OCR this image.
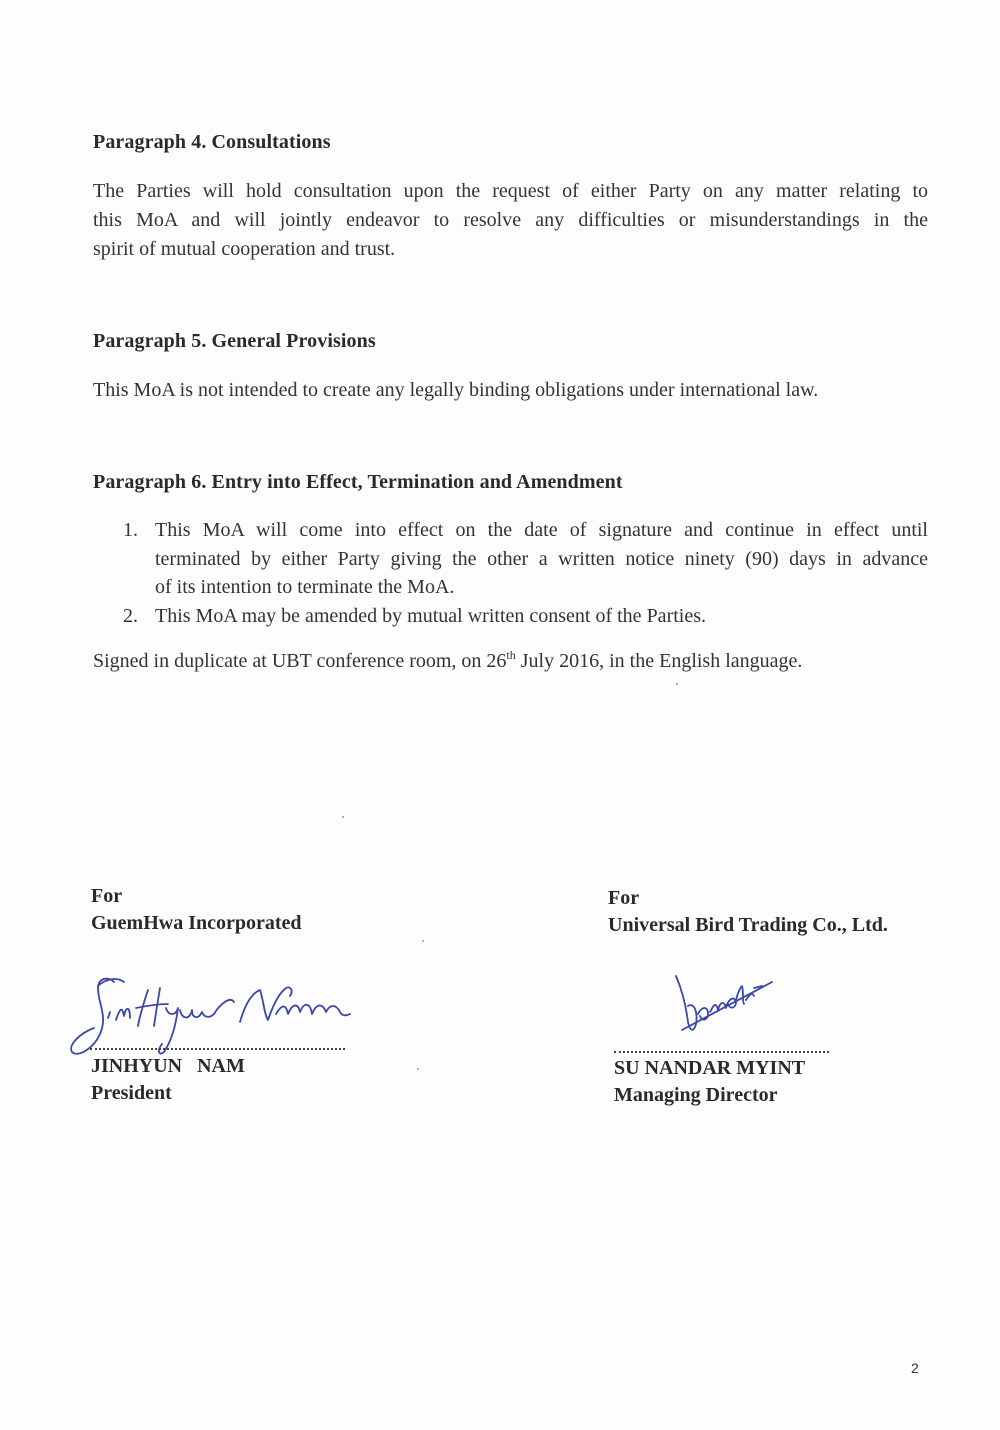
Paragraph 4. Consultations
The Parties will hold consultation upon the request of either Party on any matter relating to
this MoA and will jointly endeavor to resolve any difficulties or misunderstandings in the
spirit of mutual cooperation and trust.
Paragraph 5. General Provisions
This MoA is not intended to create any legally binding obligations under international law.
Paragraph 6. Entry into Effect, Termination and Amendment
1. This MoA will come into effect on the date of signature and continue in effect until
terminated by either Party giving the other a written notice ninety (90) days in advance
of its intention to terminate the MoA.
2. This MoA may be amended by mutual written consent of the Parties.
Signed in duplicate at UBT conference room, on 26th July 2016, in the English language.
For
GuemHwa Incorporated
JINHYUN   NAM
President
For
Universal Bird Trading Co., Ltd.
SU NANDAR MYINT
Managing Director
2
